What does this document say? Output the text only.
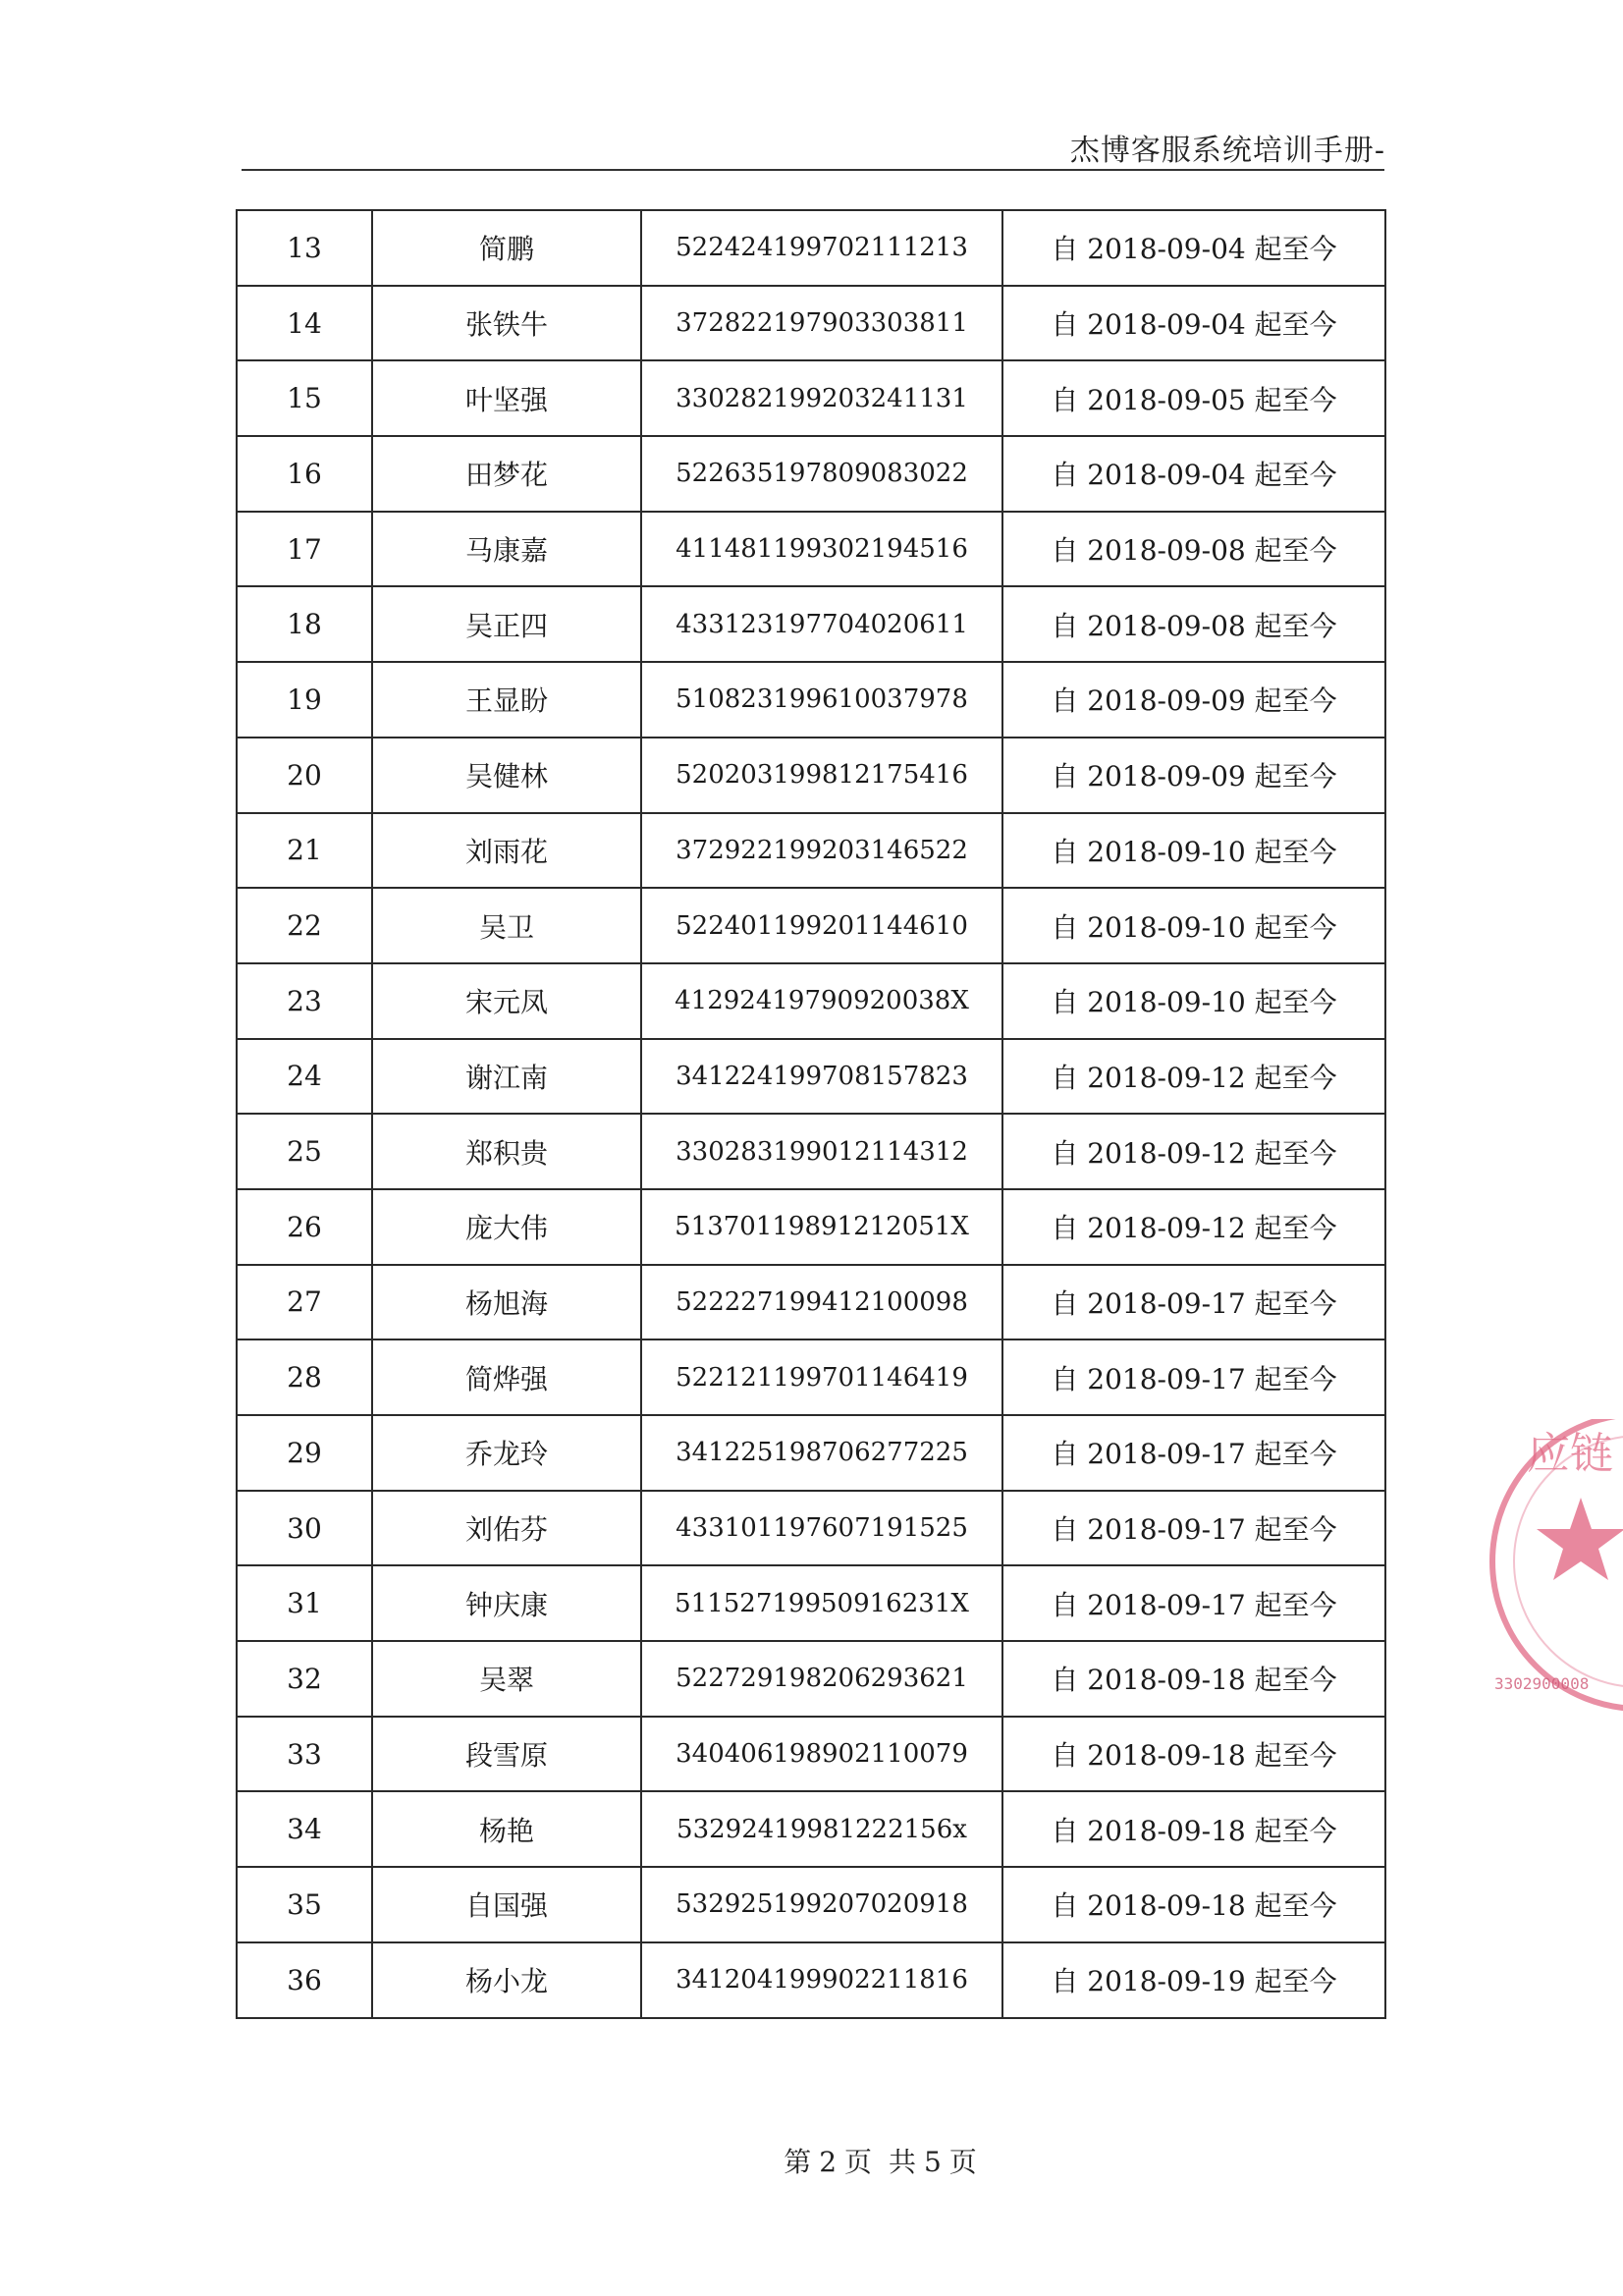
杰博客服系统培训手册-
13	简鹏	522424199702111213	自 2018-09-04 起至今
14	张铁牛	372822197903303811	自 2018-09-04 起至今
15	叶坚强	330282199203241131	自 2018-09-05 起至今
16	田梦花	522635197809083022	自 2018-09-04 起至今
17	马康嘉	411481199302194516	自 2018-09-08 起至今
18	吴正四	433123197704020611	自 2018-09-08 起至今
19	王显盼	510823199610037978	自 2018-09-09 起至今
20	吴健林	520203199812175416	自 2018-09-09 起至今
21	刘雨花	372922199203146522	自 2018-09-10 起至今
22	吴卫	522401199201144610	自 2018-09-10 起至今
23	宋元凤	41292419790920038X	自 2018-09-10 起至今
24	谢江南	341224199708157823	自 2018-09-12 起至今
25	郑积贵	330283199012114312	自 2018-09-12 起至今
26	庞大伟	51370119891212051X	自 2018-09-12 起至今
27	杨旭海	522227199412100098	自 2018-09-17 起至今
28	简烨强	522121199701146419	自 2018-09-17 起至今
29	乔龙玲	341225198706277225	自 2018-09-17 起至今
30	刘佑芬	433101197607191525	自 2018-09-17 起至今
31	钟庆康	51152719950916231X	自 2018-09-17 起至今
32	吴翠	522729198206293621	自 2018-09-18 起至今
33	段雪原	340406198902110079	自 2018-09-18 起至今
34	杨艳	53292419981222156x	自 2018-09-18 起至今
35	自国强	532925199207020918	自 2018-09-18 起至今
36	杨小龙	341204199902211816	自 2018-09-19 起至今
第 2 页 共 5 页
应链
3302900008
